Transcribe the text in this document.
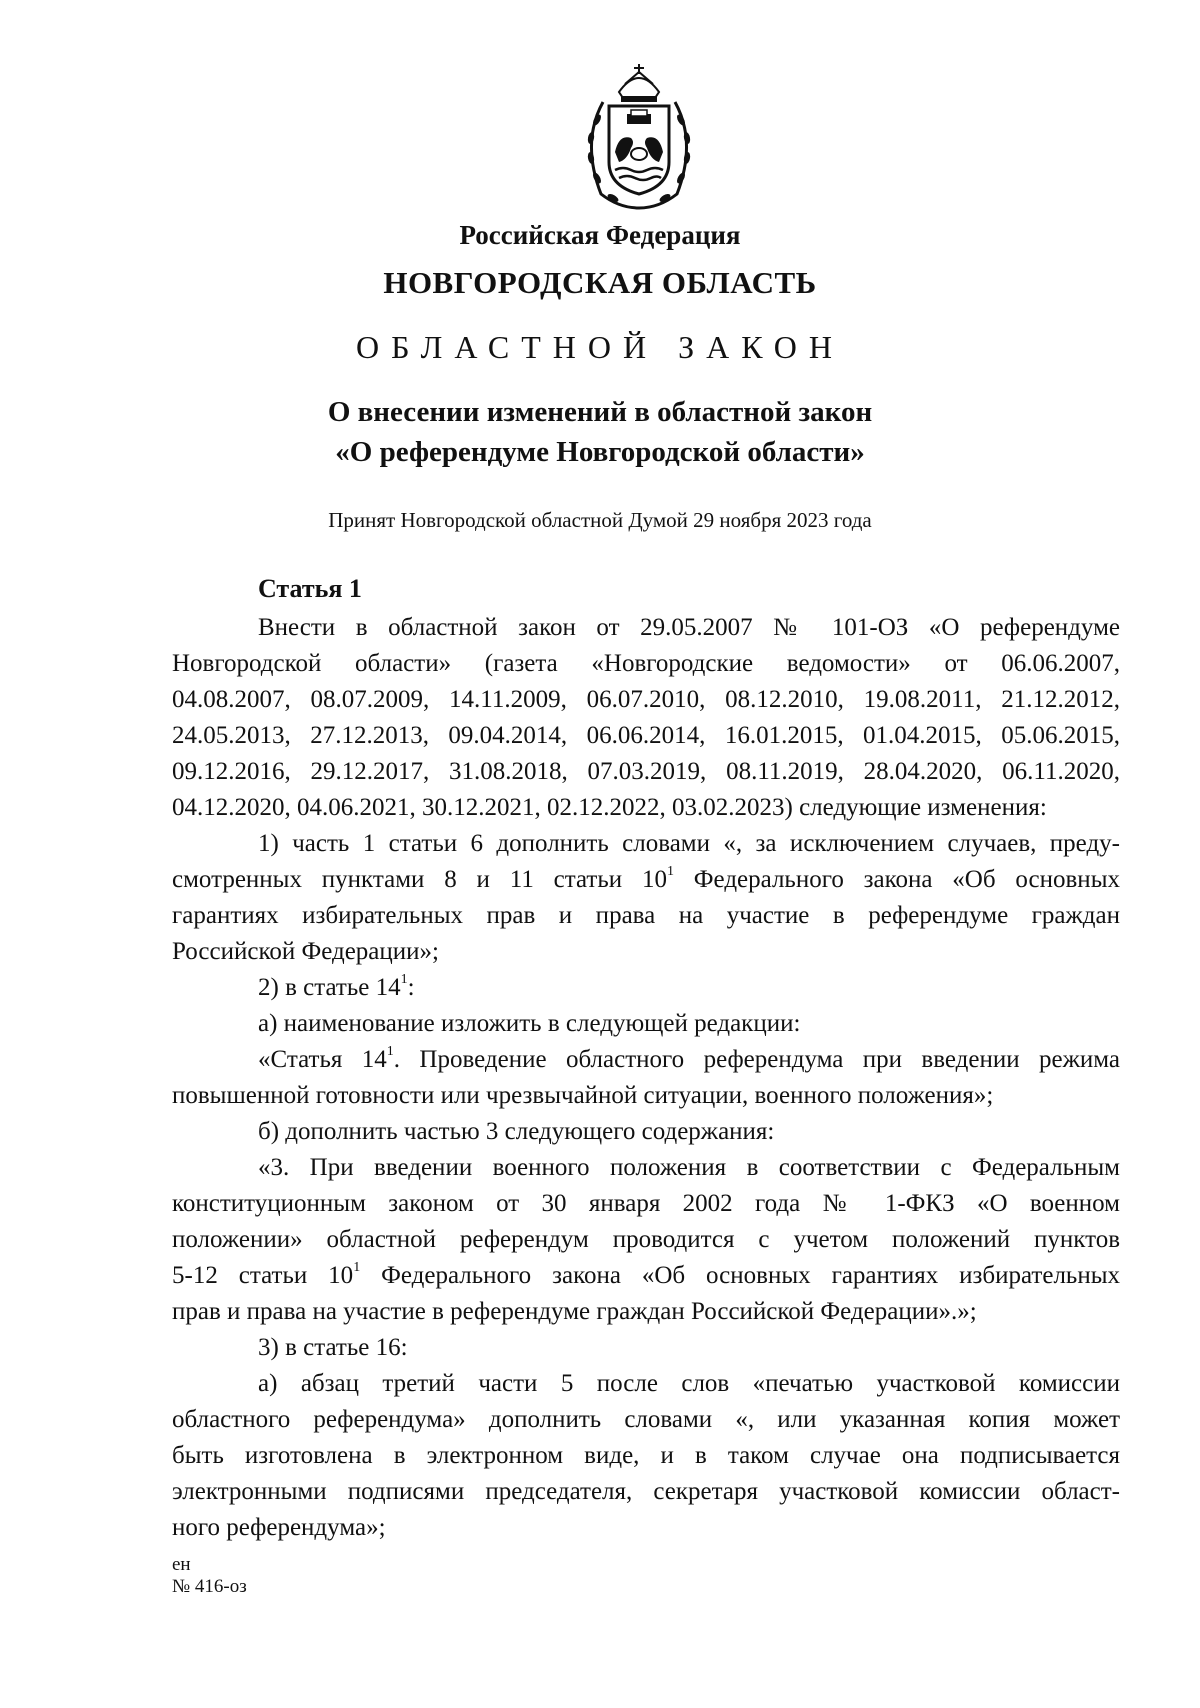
Российская Федерация
НОВГОРОДСКАЯ ОБЛАСТЬ
ОБЛАСТНОЙ ЗАКОН
О внесении изменений в областной закон
«О референдуме Новгородской области»
Принят Новгородской областной Думой 29 ноября 2023 года
Статья 1

Внести в областной закон от 29.05.2007 № 101-ОЗ «О референдуме
Новгородской области» (газета «Новгородские ведомости» от 06.06.2007,
04.08.2007, 08.07.2009, 14.11.2009, 06.07.2010, 08.12.2010, 19.08.2011, 21.12.2012,
24.05.2013, 27.12.2013, 09.04.2014, 06.06.2014, 16.01.2015, 01.04.2015, 05.06.2015,
09.12.2016, 29.12.2017, 31.08.2018, 07.03.2019, 08.11.2019, 28.04.2020, 06.11.2020,
04.12.2020, 04.06.2021, 30.12.2021, 02.12.2022, 03.02.2023) следующие изменения:

1) часть 1 статьи 6 дополнить словами «, за исключением случаев, преду-
смотренных пунктами 8 и 11 статьи $10^1$ Федерального закона «Об основных
гарантиях избирательных прав и права на участие в референдуме граждан
Российской Федерации»;

2) в статье $14^1$:

а) наименование изложить в следующей редакции:

«Статья $14^1$. Проведение областного референдума при введении режима
повышенной готовности или чрезвычайной ситуации, военного положения»;

б) дополнить частью 3 следующего содержания:

«3. При введении военного положения в соответствии с Федеральным
конституционным законом от 30 января 2002 года № 1-ФКЗ «О военном
положении» областной референдум проводится с учетом положений пунктов
5-12 статьи $10^1$ Федерального закона «Об основных гарантиях избирательных
прав и права на участие в референдуме граждан Российской Федерации».»;

3) в статье 16:

а) абзац третий части 5 после слов «печатью участковой комиссии
областного референдума» дополнить словами «, или указанная копия может
быть изготовлена в электронном виде, и в таком случае она подписывается
электронными подписями председателя, секретаря участковой комиссии област-
ного референдума»;

ен
№ 416-оз
